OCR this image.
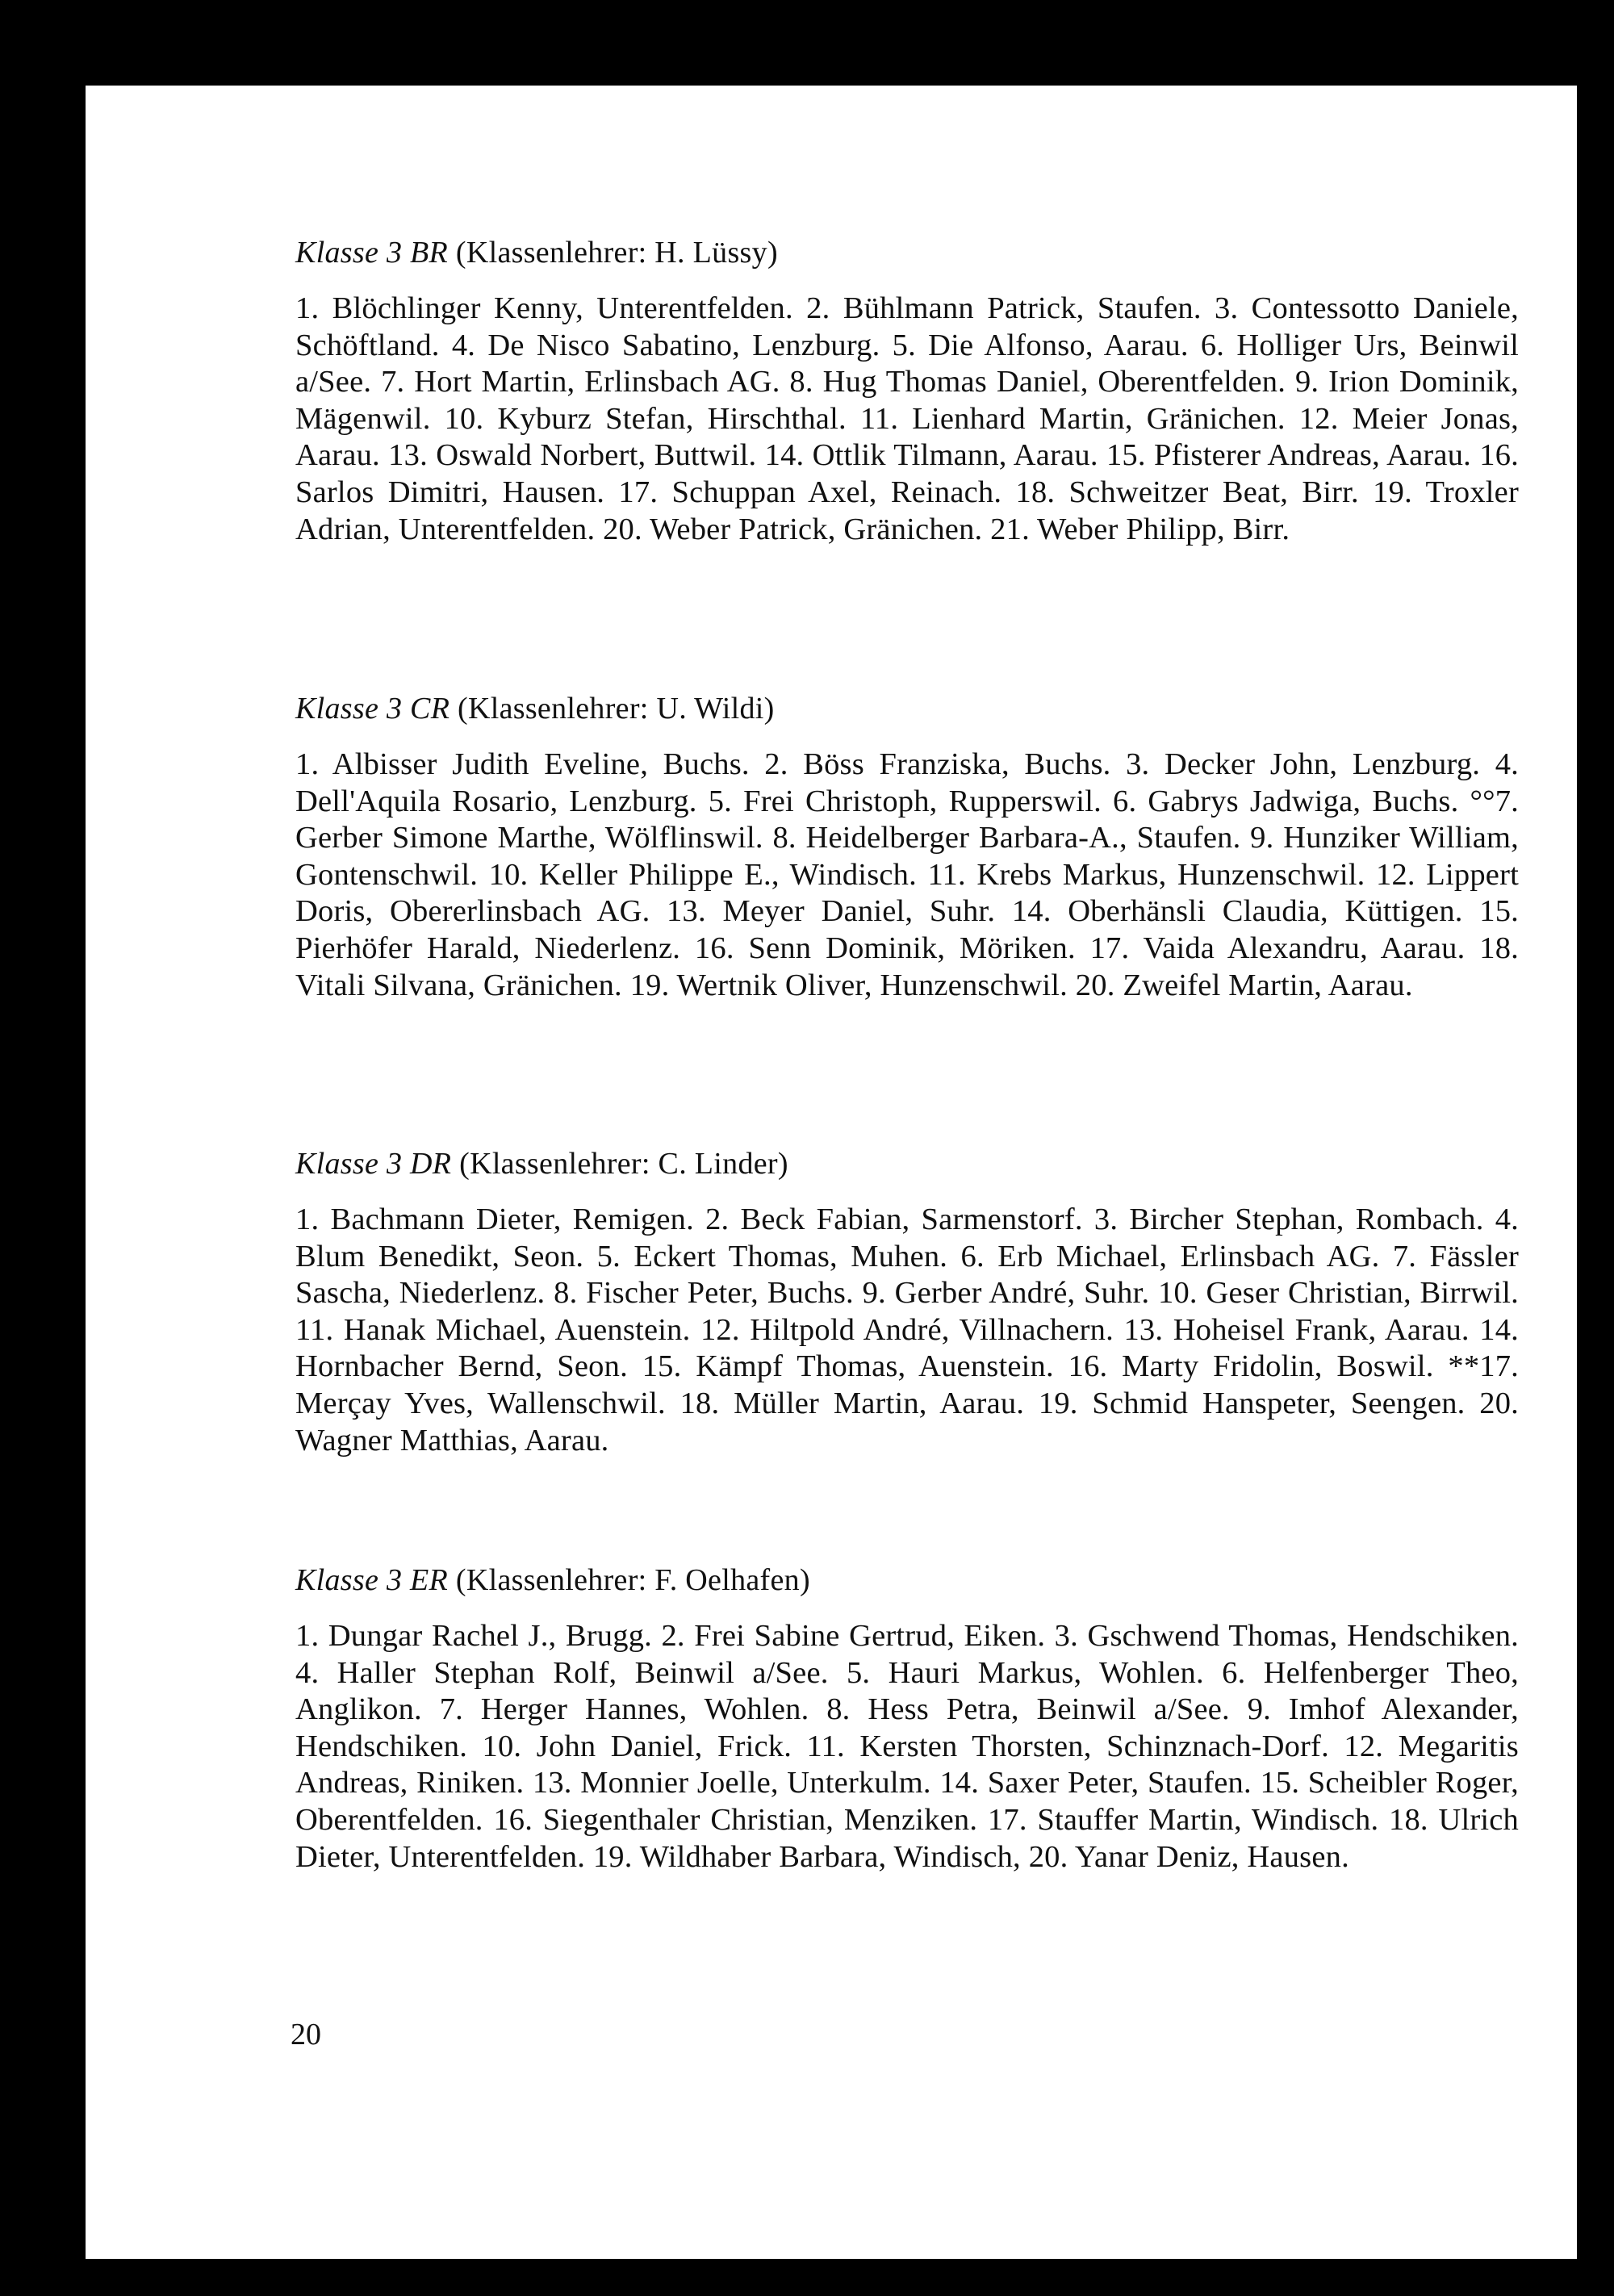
Klasse 3 BR (Klassenlehrer: H. Lüssy)

1. Blöchlinger Kenny, Unterentfelden. 2. Bühlmann Patrick, Staufen. 3. Contessotto Daniele, Schöftland. 4. De Nisco Sabatino, Lenzburg. 5. Die Alfonso, Aarau. 6. Holliger Urs, Beinwil a/See. 7. Hort Martin, Erlinsbach AG. 8. Hug Thomas Daniel, Oberentfelden. 9. Irion Dominik, Mägenwil. 10. Kyburz Stefan, Hirschthal. 11. Lienhard Martin, Gränichen. 12. Meier Jonas, Aarau. 13. Oswald Norbert, Buttwil. 14. Ottlik Tilmann, Aarau. 15. Pfisterer Andreas, Aarau. 16. Sarlos Dimitri, Hausen. 17. Schuppan Axel, Reinach. 18. Schweitzer Beat, Birr. 19. Troxler Adrian, Unterentfelden. 20. Weber Patrick, Gränichen. 21. Weber Philipp, Birr.

Klasse 3 CR (Klassenlehrer: U. Wildi)

1. Albisser Judith Eveline, Buchs. 2. Böss Franziska, Buchs. 3. Decker John, Lenzburg. 4. Dell'Aquila Rosario, Lenzburg. 5. Frei Christoph, Rupperswil. 6. Gabrys Jadwiga, Buchs. °°7. Gerber Simone Marthe, Wölflinswil. 8. Heidelberger Barbara-A., Staufen. 9. Hunziker William, Gontenschwil. 10. Keller Philippe E., Windisch. 11. Krebs Markus, Hunzenschwil. 12. Lippert Doris, Obererlinsbach AG. 13. Meyer Daniel, Suhr. 14. Oberhänsli Claudia, Küttigen. 15. Pierhöfer Harald, Niederlenz. 16. Senn Dominik, Möriken. 17. Vaida Alexandru, Aarau. 18. Vitali Silvana, Gränichen. 19. Wertnik Oliver, Hunzenschwil. 20. Zweifel Martin, Aarau.

Klasse 3 DR (Klassenlehrer: C. Linder)

1. Bachmann Dieter, Remigen. 2. Beck Fabian, Sarmenstorf. 3. Bircher Stephan, Rombach. 4. Blum Benedikt, Seon. 5. Eckert Thomas, Muhen. 6. Erb Michael, Erlinsbach AG. 7. Fässler Sascha, Niederlenz. 8. Fischer Peter, Buchs. 9. Gerber André, Suhr. 10. Geser Christian, Birrwil. 11. Hanak Michael, Auenstein. 12. Hiltpold André, Villnachern. 13. Hoheisel Frank, Aarau. 14. Hornbacher Bernd, Seon. 15. Kämpf Thomas, Auenstein. 16. Marty Fridolin, Boswil. **17. Merçay Yves, Wallenschwil. 18. Müller Martin, Aarau. 19. Schmid Hanspeter, Seengen. 20. Wagner Matthias, Aarau.

Klasse 3 ER (Klassenlehrer: F. Oelhafen)

1. Dungar Rachel J., Brugg. 2. Frei Sabine Gertrud, Eiken. 3. Gschwend Thomas, Hendschiken. 4. Haller Stephan Rolf, Beinwil a/See. 5. Hauri Markus, Wohlen. 6. Helfenberger Theo, Anglikon. 7. Herger Hannes, Wohlen. 8. Hess Petra, Beinwil a/See. 9. Imhof Alexander, Hendschiken. 10. John Daniel, Frick. 11. Kersten Thorsten, Schinznach-Dorf. 12. Megaritis Andreas, Riniken. 13. Monnier Joelle, Unterkulm. 14. Saxer Peter, Staufen. 15. Scheibler Roger, Oberentfelden. 16. Siegenthaler Christian, Menziken. 17. Stauffer Martin, Windisch. 18. Ulrich Dieter, Unterentfelden. 19. Wildhaber Barbara, Windisch, 20. Yanar Deniz, Hausen.

20
